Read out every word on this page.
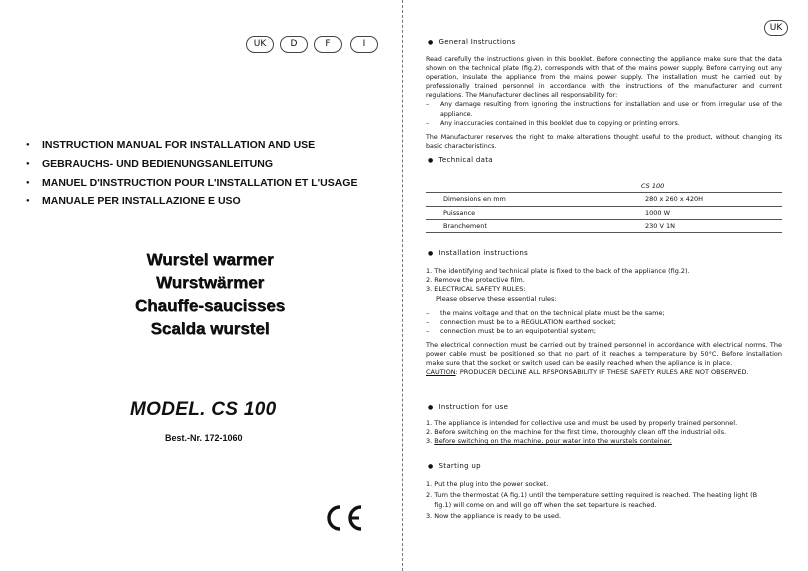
UK	D	F	I
● INSTRUCTION MANUAL FOR INSTALLATION AND USE
● GEBRAUCHS- UND BEDIENUNGSANLEITUNG
● MANUEL D'INSTRUCTION POUR L'INSTALLATION ET L'USAGE
● MANUALE PER INSTALLAZIONE E USO
Wurstel warmer
Wurstwärmer
Chauffe-saucisses
Scalda wurstel
MODEL. CS 100
Best.-Nr. 172-1060
UK
● General Instructions

Read carefully the instructions given in this booklet. Before connecting the appliance make sure that the data shown on the technical plate (fig.2), corresponds with that of the mains power supply. Before carrying out any operation, insulate the appliance from the mains power supply. The installation must he carried out by professionally trained personnel in accordance with the instructions of the manufacturer and current regulations. The Manufacturer declines all responsability for:

– Any damage resulting from ignoring the instructions for installation and use or from irregular use of the appliance.

– Any inaccuracies contained in this booklet due to copying or printing errors.

The Manufacturer reserves the right to make alterations thought useful to the product, without changing its basic characteristincs.

● Technical data
	CS 100
Dimensions en mm	280 x 260 x 420H
Puissance	1000 W
Branchement	230 V 1N
● Installation instructions
1. The identifying and technical plate is fixed to the back of the appliance (fig.2).
2. Remove the protective film.
3. ELECTRICAL SAFETY RULES:
Please observe these essential rules:
– the mains voltage and that on the technical plate must be the same;
– connection must be to a REGULATION earthed socket;
– connection must be to an equipotential system;
The electrical connection must be carried out by trained personnel in accordance with electrical norms. The power cable must be positioned so that no part of it reaches a temperature by 50°C. Before installation make sure that the socket or switch used can be easily reached when the apliance is in place.
CAUTION: PRODUCER DECLINE ALL RFSPONSABILITY IF THESE SAFETY RULES ARE NOT OBSERVED.
● Instruction for use
1. The appliance is intended for collective use and must be used by properly trained personnel.
2. Before switching on the machine for the first time, thoroughly clean off the industrial oils.
3. Before switching on the machine, pour water into the wurstels conteiner.
● Starting up
1. Put the plug into the power socket.
2. Turn the thermostat (A fig.1) until the temperature setting required is reached. The heating light (B
fig.1) will come on and will go off when the set teparture is reached.
3. Now the appliance is ready to be used.
